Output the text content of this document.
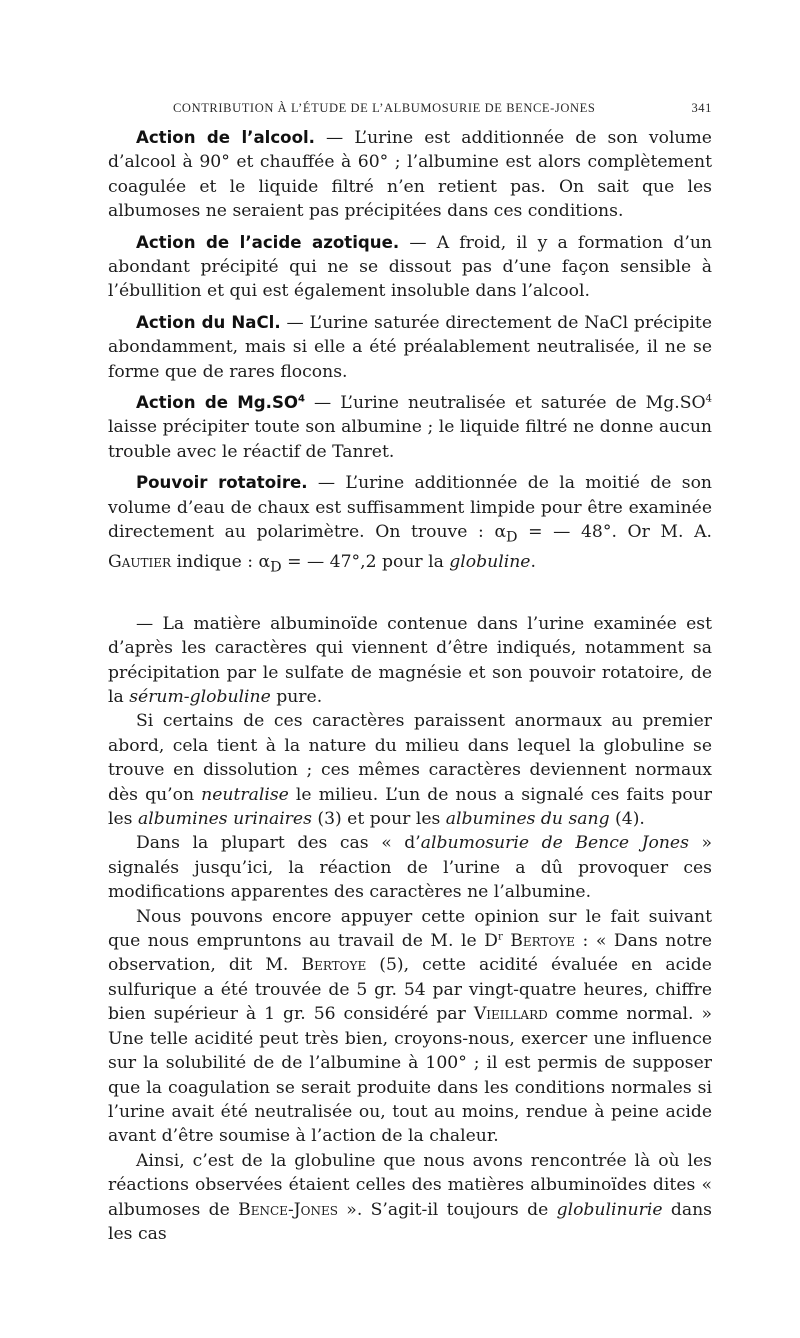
CONTRIBUTION À L’ÉTUDE DE L’ALBUMOSURIE DE BENCE-JONES	341

Action de l’alcool. — L’urine est additionnée de son volume d’alcool à 90° et chauffée à 60° ; l’albumine est alors complètement coagulée et le liquide filtré n’en retient pas. On sait que les albumoses ne seraient pas précipitées dans ces conditions.

Action de l’acide azotique. — A froid, il y a formation d’un abondant précipité qui ne se dissout pas d’une façon sensible à l’ébullition et qui est également insoluble dans l’alcool.

Action du NaCl. — L’urine saturée directement de NaCl précipite abondamment, mais si elle a été préalablement neutralisée, il ne se forme que de rares flocons.

Action de $Mg.SO^4$ — L’urine neutralisée et saturée de $Mg.SO^4$ laisse précipiter toute son albumine ; le liquide filtré ne donne aucun trouble avec le réactif de Tanret.

Pouvoir rotatoire. — L’urine additionnée de la moitié de son volume d’eau de chaux est suffisamment limpide pour être examinée directement au polarimètre. On trouve : $\alpha_D$ = — 48°. Or M. A. Gautier indique : $\alpha_D$ = — 47°,2 pour la globuline.

— La matière albuminoïde contenue dans l’urine examinée est d’après les caractères qui viennent d’être indiqués, notamment sa précipitation par le sulfate de magnésie et son pouvoir rotatoire, de la sérum-globuline pure.

Si certains de ces caractères paraissent anormaux au premier abord, cela tient à la nature du milieu dans lequel la globuline se trouve en dissolution ; ces mêmes caractères deviennent normaux dès qu’on neutralise le milieu. L’un de nous a signalé ces faits pour les albumines urinaires (3) et pour les albumines du sang (4).

Dans la plupart des cas « d’albumosurie de Bence Jones » signalés jusqu’ici, la réaction de l’urine a dû provoquer ces modifications apparentes des caractères ne l’albumine.

Nous pouvons encore appuyer cette opinion sur le fait suivant que nous empruntons au travail de M. le $D^r$ Bertoye : « Dans notre observation, dit M. Bertoye (5), cette acidité évaluée en acide sulfurique a été trouvée de 5 gr. 54 par vingt-quatre heures, chiffre bien supérieur à 1 gr. 56 considéré par Vieillard comme normal. » Une telle acidité peut très bien, croyons-nous, exercer une influence sur la solubilité de de l’albumine à 100° ; il est permis de supposer que la coagulation se serait produite dans les conditions normales si l’urine avait été neutralisée ou, tout au moins, rendue à peine acide avant d’être soumise à l’action de la chaleur.

Ainsi, c’est de la globuline que nous avons rencontrée là où les réactions observées étaient celles des matières albuminoïdes dites « albumoses de Bence-Jones ». S’agit-il toujours de globulinurie dans les cas
